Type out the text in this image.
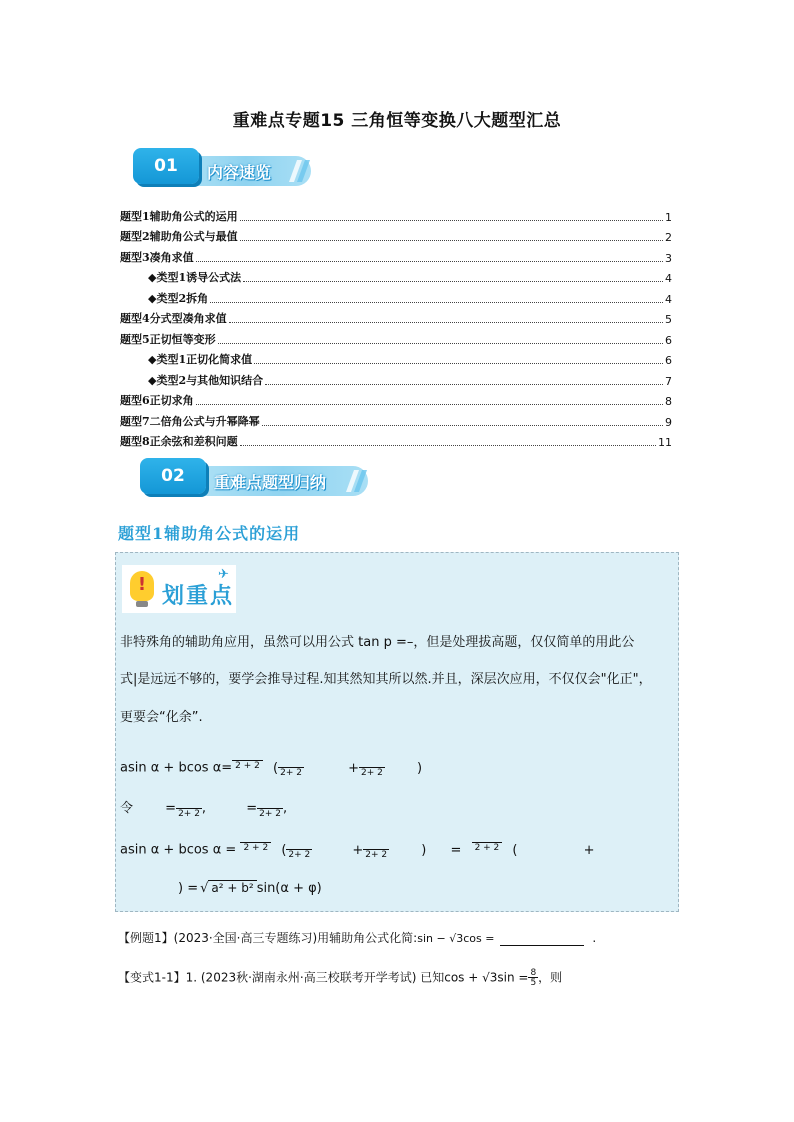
重难点专题15 三角恒等变换八大题型汇总
01	内容速览
题型1辅助角公式的运用	1
题型2辅助角公式与最值	2
题型3凑角求值	3
◆类型1诱导公式法	4
◆类型2拆角	4
题型4分式型凑角求值	5
题型5正切恒等变形	6
◆类型1正切化简求值	6
◆类型2与其他知识结合	7
题型6正切求角	8
题型7二倍角公式与升幂降幂	9
题型8正余弦和差积问题	11
02	重难点题型归纳
题型1辅助角公式的运用
! 划重点
✈
非特殊角的辅助角应用，虽然可以用公式 tan p =–，但是处理拔高题，仅仅简单的用此公
式|是远远不够的，要学会推导过程.知其然知其所以然.并且，深层次应用，不仅仅会"化正"，
更要会“化余”.
asin α + bcos α= $^{2 + 2}$ ( 2+ 2	+ 2+ 2	)
令 = 2+ 2 ,	= 2+ 2 ,
asin α + bcos α = $^{2 + 2}$ ( 2+ 2	+ 2+ 2	) = $^{2 + 2}$ (	+
) = √ a² + b² sin(α + φ)
【例题1】(2023·全国·高三专题练习)用辅助角公式化简:sin − √3cos =	.
【变式1-1】1. (2023秋·湖南永州·高三校联考开学考试) 已知$\cos + √3\sin =\frac{8}{5}$，则
